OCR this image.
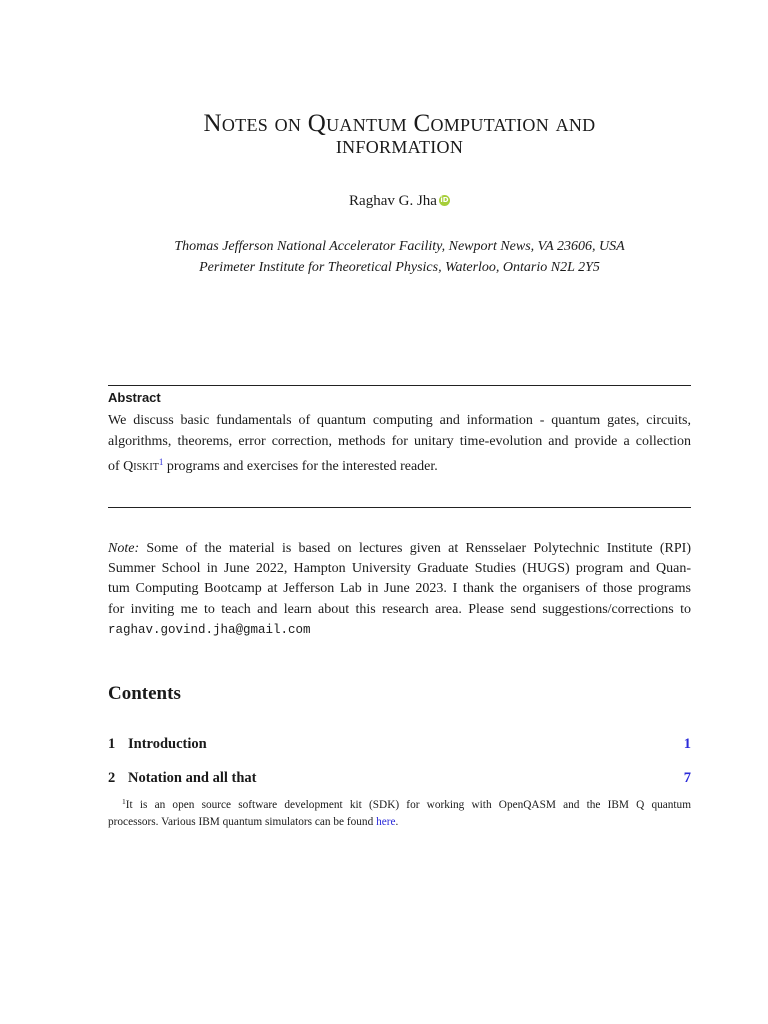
Notes on Quantum Computation and
information
Raghav G. Jha iD
Thomas Jefferson National Accelerator Facility, Newport News, VA 23606, USA
Perimeter Institute for Theoretical Physics, Waterloo, Ontario N2L 2Y5
Abstract
We discuss basic fundamentals of quantum computing and information - quantum gates, circuits,
algorithms, theorems, error correction, methods for unitary time-evolution and provide a collection
of Qiskit$^1$ programs and exercises for the interested reader.
Note: Some of the material is based on lectures given at Rensselaer Polytechnic Institute (RPI)
Summer School in June 2022, Hampton University Graduate Studies (HUGS) program and Quan-
tum Computing Bootcamp at Jefferson Lab in June 2023. I thank the organisers of those programs
for inviting me to teach and learn about this research area. Please send suggestions/corrections to
raghav.govind.jha@gmail.com
Contents
1 Introduction	1
2 Notation and all that	7
$^1$It is an open source software development kit (SDK) for working with OpenQASM and the IBM Q quantum
processors. Various IBM quantum simulators can be found here.
